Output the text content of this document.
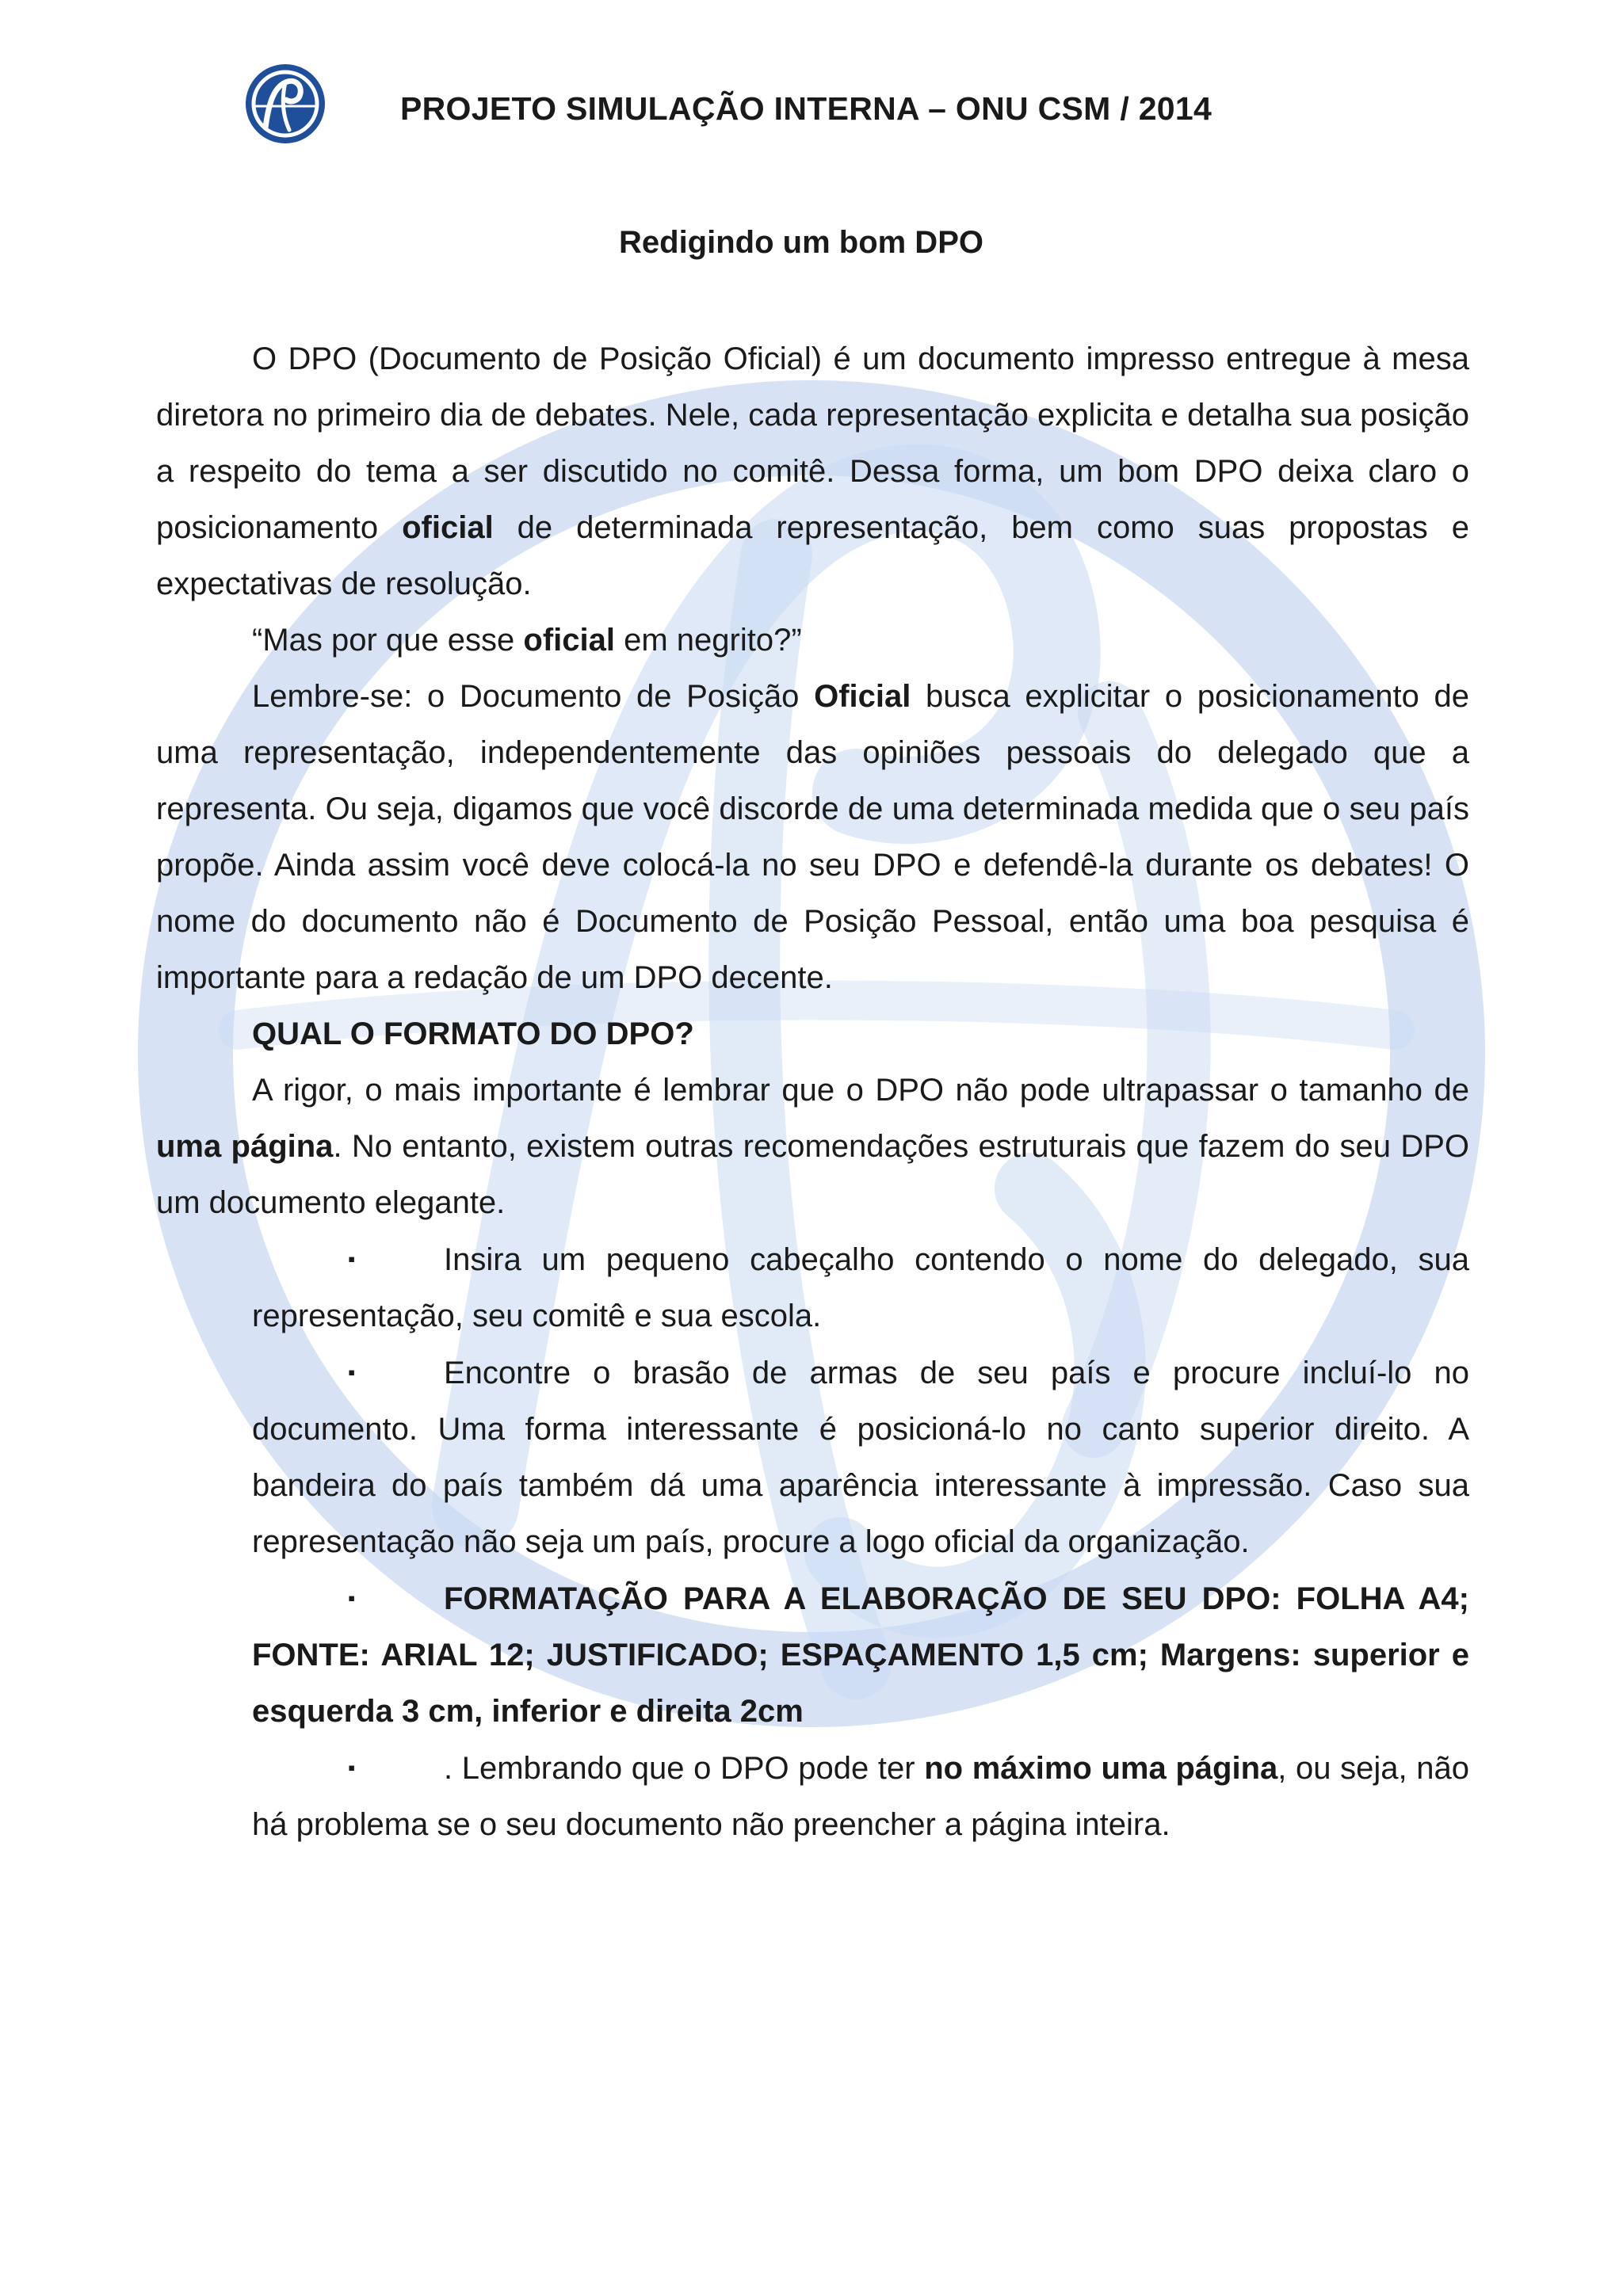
PROJETO SIMULAÇÃO INTERNA – ONU CSM / 2014
Redigindo um bom DPO

O DPO (Documento de Posição Oficial) é um documento impresso entregue à mesa diretora no primeiro dia de debates. Nele, cada representação explicita e detalha sua posição a respeito do tema a ser discutido no comitê. Dessa forma, um bom DPO deixa claro o posicionamento oficial de determinada representação, bem como suas propostas e expectativas de resolução.

“Mas por que esse oficial em negrito?”

Lembre-se: o Documento de Posição Oficial busca explicitar o posicionamento de uma representação, independentemente das opiniões pessoais do delegado que a representa. Ou seja, digamos que você discorde de uma determinada medida que o seu país propõe. Ainda assim você deve colocá-la no seu DPO e defendê-la durante os debates! O nome do documento não é Documento de Posição Pessoal, então uma boa pesquisa é importante para a redação de um DPO decente.

QUAL O FORMATO DO DPO?

A rigor, o mais importante é lembrar que o DPO não pode ultrapassar o tamanho de uma página. No entanto, existem outras recomendações estruturais que fazem do seu DPO um documento elegante.

▪	Insira um pequeno cabeçalho contendo o nome do delegado, sua representação, seu comitê e sua escola.
▪	Encontre o brasão de armas de seu país e procure incluí-lo no documento. Uma forma interessante é posicioná-lo no canto superior direito. A bandeira do país também dá uma aparência interessante à impressão. Caso sua representação não seja um país, procure a logo oficial da organização.
▪	FORMATAÇÃO PARA A ELABORAÇÃO DE SEU DPO: FOLHA A4; FONTE: ARIAL 12; JUSTIFICADO; ESPAÇAMENTO 1,5 cm; Margens: superior e esquerda 3 cm, inferior e direita 2cm
▪	. Lembrando que o DPO pode ter no máximo uma página, ou seja, não há problema se o seu documento não preencher a página inteira.
